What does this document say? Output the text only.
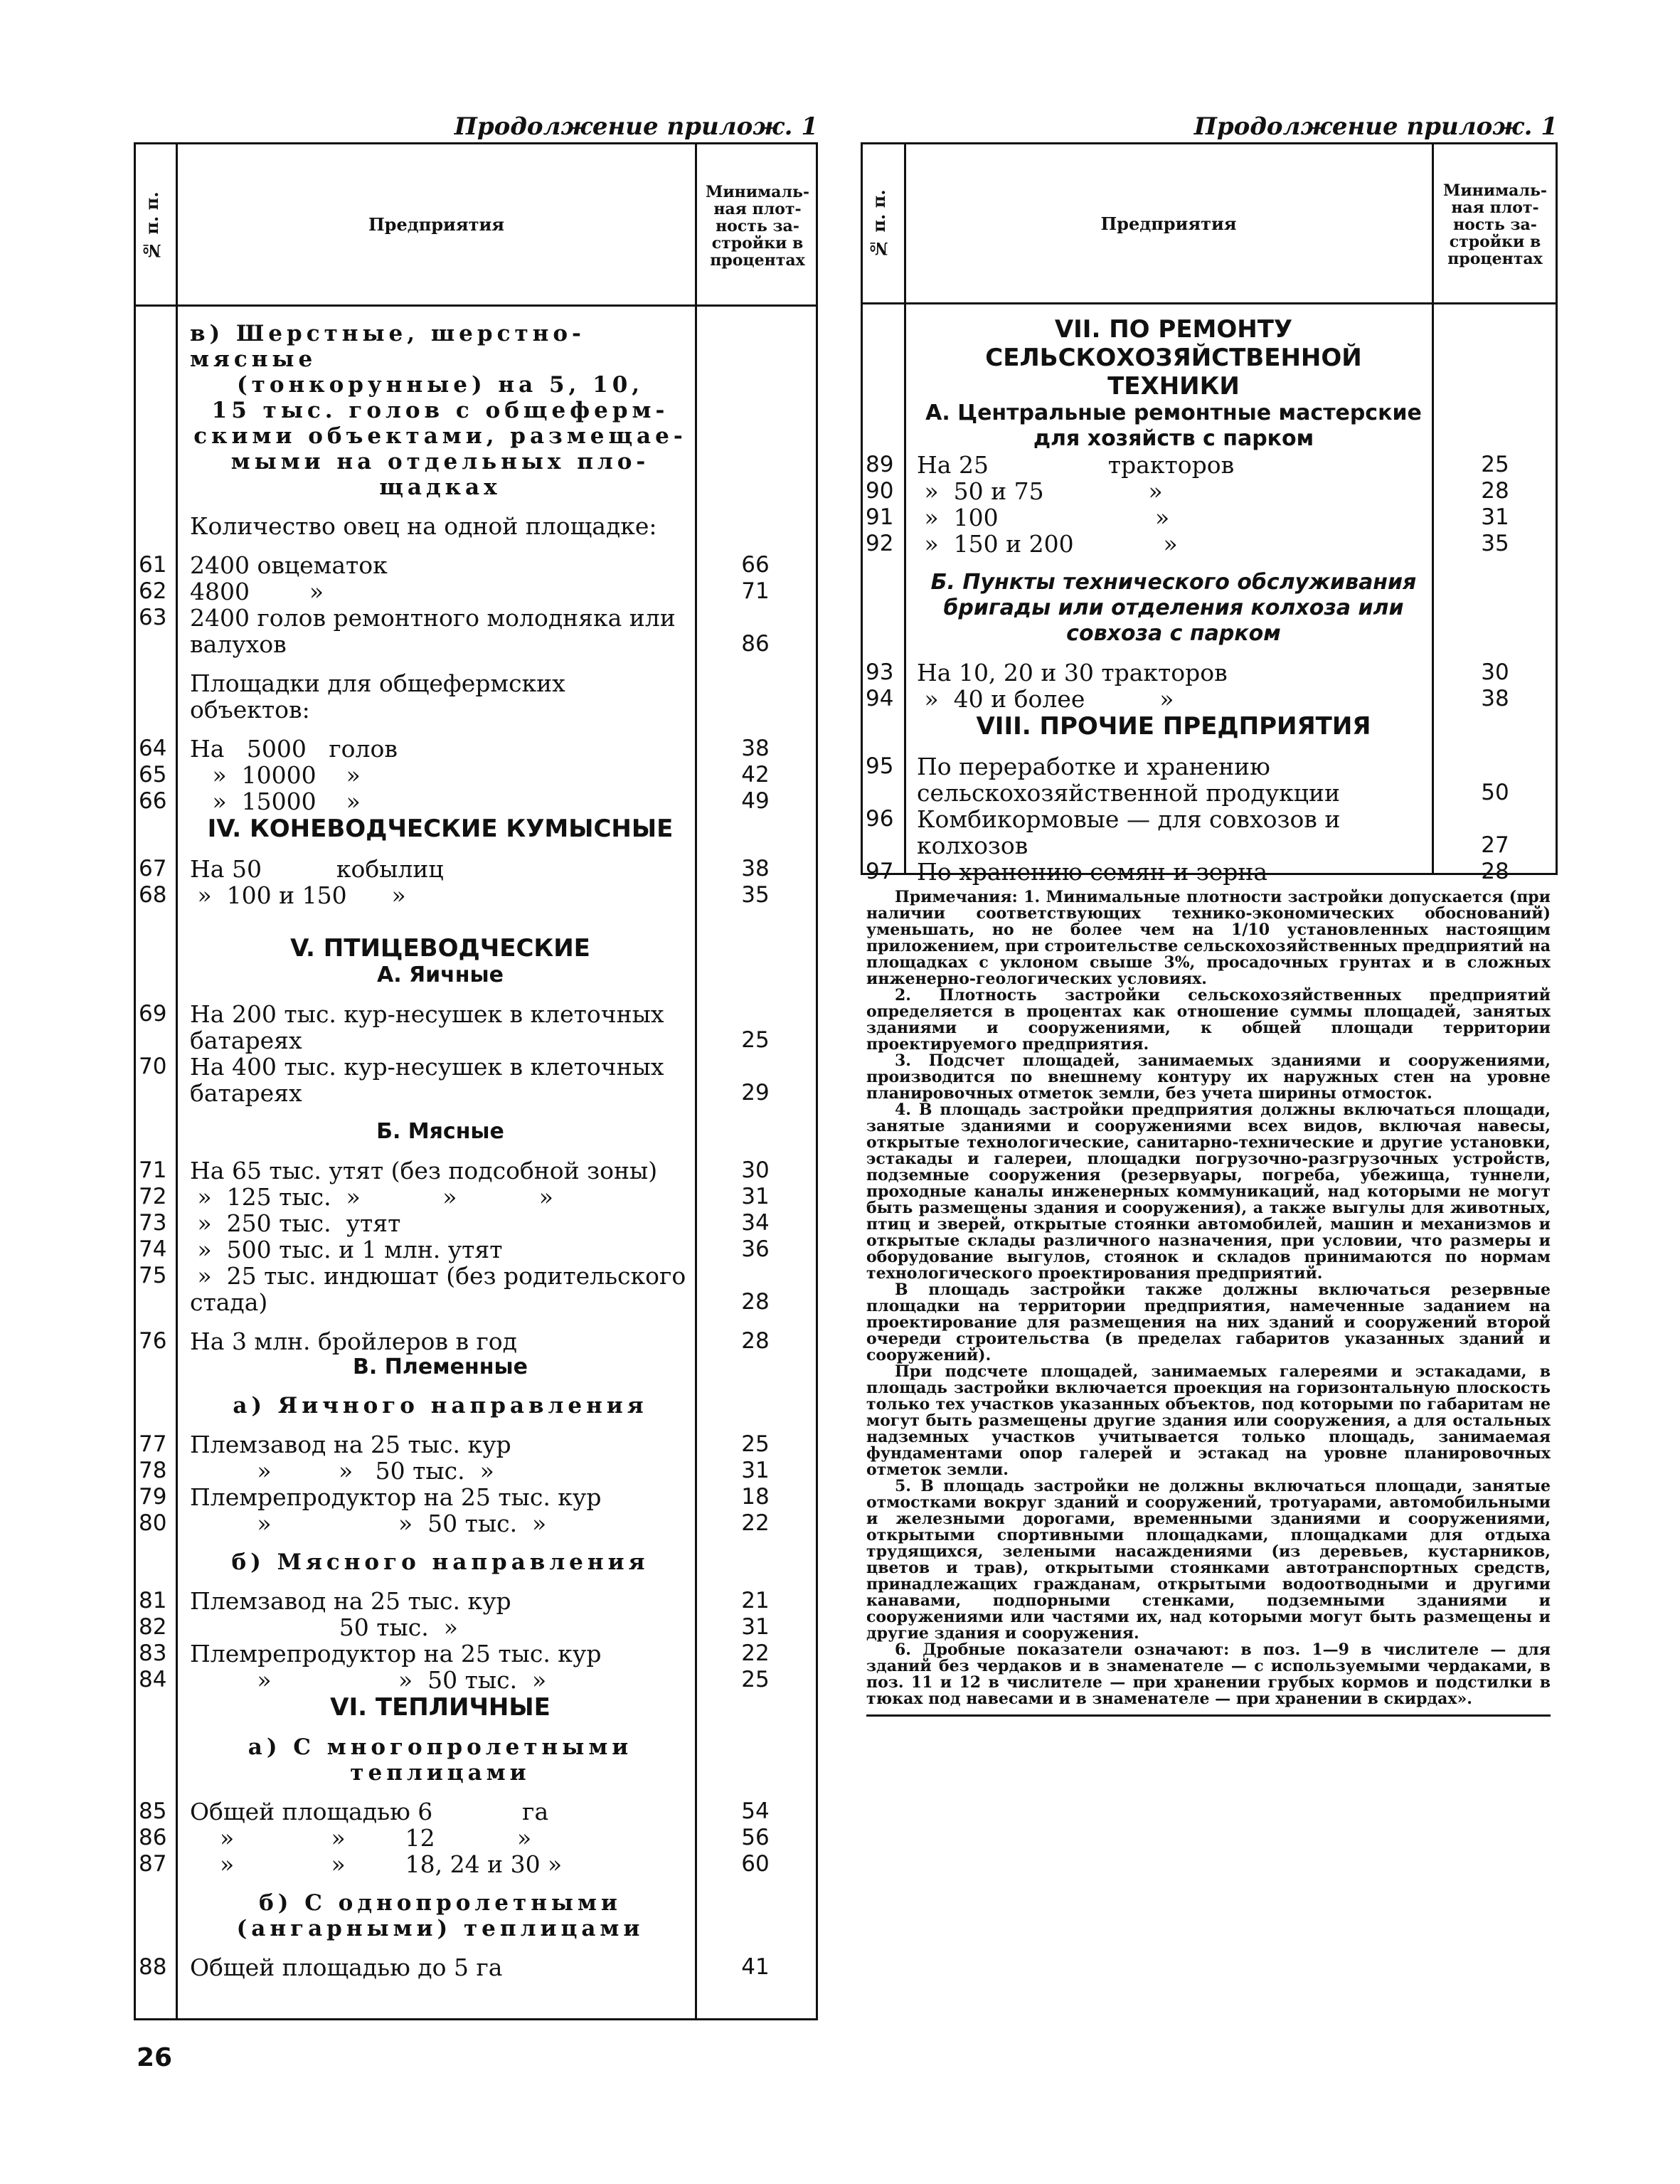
Продолжение прилож. 1	Продолжение прилож. 1
№ п. п.	Предприятия
Минималь-ная плот-ность за-стройки в процентах
в) Шерстные, шерстно-мясные
(тонкорунные) на 5, 10,
15 тыс. голов с общеферм-
скими объектами, размещае-
мыми на отдельных пло-
щадках
Количество овец на одной площадке:
61 2400 овцематок	66
62 4800        »	71
63 2400 голов ремонтного молодняка или валухов	86
Площадки для общефермских объектов:
64 На   5000   голов	38
65 »  10000    »	42
66 »  15000    »	49
IV. КОНЕВОДЧЕСКИЕ КУМЫСНЫЕ
67 На 50          кобылиц	38
68 »  100 и 150      »	35
V. ПТИЦЕВОДЧЕСКИЕ
А. Яичные
69 На 200 тыс. кур-несушек в клеточных батареях	25
70 На 400 тыс. кур-несушек в клеточных батареях	29
Б. Мясные
71 На 65 тыс. утят (без подсобной зоны)	30
72 »  125 тыс.  »           »           »	31
73 »  250 тыс.  утят	34
74 »  500 тыс. и 1 млн. утят	36
75 »  25 тыс. индюшат (без родительского стада)	28
76 На 3 млн. бройлеров в год	28
В. Племенные
а) Яичного направления
77 Племзавод на 25 тыс. кур	25
78 »         »   50 тыс.  »	31
79 Племрепродуктор на 25 тыс. кур	18
80 »                 »  50 тыс.  »	22
б) Мясного направления
81 Племзавод на 25 тыс. кур	21
82 50 тыс.  »	31
83 Племрепродуктор на 25 тыс. кур	22
84 »                 »  50 тыс.  »	25
VI. ТЕПЛИЧНЫЕ
а) С многопролетными теплицами
85 Общей площадью 6            га	54
86 »             »        12           »	56
87 »             »        18, 24 и 30 »	60
б) С однопролетными (ангарными) теплицами
88 Общей площадью до 5 га	41
№ п. п.	Предприятия
Минималь-ная плот-ность за-стройки в процентах
VII. ПО РЕМОНТУ СЕЛЬСКОХОЗЯЙСТВЕННОЙ ТЕХНИКИ
А. Центральные ремонтные мастерские для хозяйств с парком
89 На 25                тракторов	25
90 »  50 и 75              »	28
91 »  100                     »	31
92 »  150 и 200            »	35
Б. Пункты технического обслуживания бригады или отделения колхоза или совхоза с парком
93 На 10, 20 и 30 тракторов	30
94 »  40 и более          »	38
VIII. ПРОЧИЕ ПРЕДПРИЯТИЯ
95 По переработке и хранению сельскохозяйственной продукции	50
96 Комбикормовые — для совхозов и колхозов	27
97 По хранению семян и зерна	28

Примечания: 1. Минимальные плотности застройки допускается (при наличии соответствующих технико-экономических обоснований) уменьшать, но не более чем на 1/10 установленных настоящим приложением, при строительстве сельскохозяйственных предприятий на площадках с уклоном свыше 3%, просадочных грунтах и в сложных инженерно-геологических условиях.

2. Плотность застройки сельскохозяйственных предприятий определяется в процентах как отношение суммы площадей, занятых зданиями и сооружениями, к общей площади территории проектируемого предприятия.

3. Подсчет площадей, занимаемых зданиями и сооружениями, производится по внешнему контуру их наружных стен на уровне планировочных отметок земли, без учета ширины отмосток.

4. В площадь застройки предприятия должны включаться площади, занятые зданиями и сооружениями всех видов, включая навесы, открытые технологические, санитарно-технические и другие установки, эстакады и галереи, площадки погрузочно-разгрузочных устройств, подземные сооружения (резервуары, погреба, убежища, туннели, проходные каналы инженерных коммуникаций, над которыми не могут быть размещены здания и сооружения), а также выгулы для животных, птиц и зверей, открытые стоянки автомобилей, машин и механизмов и открытые склады различного назначения, при условии, что размеры и оборудование выгулов, стоянок и складов принимаются по нормам технологического проектирования предприятий.

В площадь застройки также должны включаться резервные площадки на территории предприятия, намеченные заданием на проектирование для размещения на них зданий и сооружений второй очереди строительства (в пределах габаритов указанных зданий и сооружений).

При подсчете площадей, занимаемых галереями и эстакадами, в площадь застройки включается проекция на горизонтальную плоскость только тех участков указанных объектов, под которыми по габаритам не могут быть размещены другие здания или сооружения, а для остальных надземных участков учитывается только площадь, занимаемая фундаментами опор галерей и эстакад на уровне планировочных отметок земли.

5. В площадь застройки не должны включаться площади, занятые отмостками вокруг зданий и сооружений, тротуарами, автомобильными и железными дорогами, временными зданиями и сооружениями, открытыми спортивными площадками, площадками для отдыха трудящихся, зелеными насаждениями (из деревьев, кустарников, цветов и трав), открытыми стоянками автотранспортных средств, принадлежащих гражданам, открытыми водоотводными и другими канавами, подпорными стенками, подземными зданиями и сооружениями или частями их, над которыми могут быть размещены и другие здания и сооружения.

6. Дробные показатели означают: в поз. 1—9 в числителе — для зданий без чердаков и в знаменателе — с используемыми чердаками, в поз. 11 и 12 в числителе — при хранении грубых кормов и подстилки в тюках под навесами и в знаменателе — при хранении в скирдах».

26
